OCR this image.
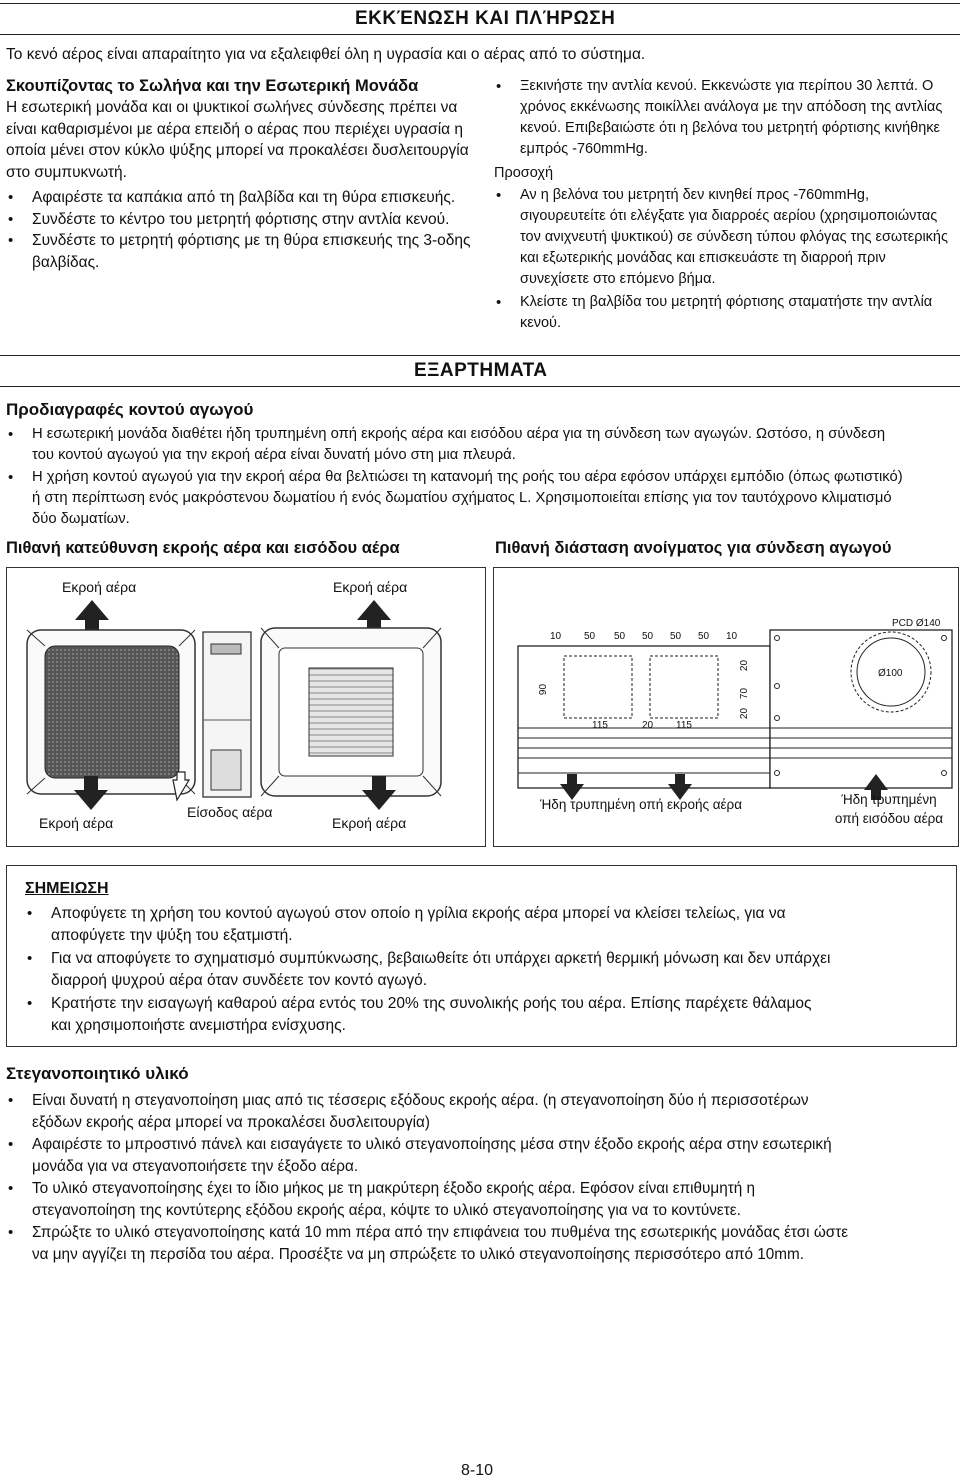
ΕΚΚΈΝΩΣΗ ΚΑΙ ΠΛΉΡΩΣΗ

Το κενό αέρος είναι απαραίτητο για να εξαλειφθεί όλη η υγρασία και ο αέρας από το σύστημα.

Σκουπίζοντας το Σωλήνα και την Εσωτερική Μονάδα

Η εσωτερική μονάδα και οι ψυκτικοί σωλήνες σύνδεσης πρέπει να

είναι καθαρισμένοι με αέρα επειδή ο αέρας που περιέχει υγρασία η

οποία μένει στον κύκλο ψύξης μπορεί να προκαλέσει δυσλειτουργία

στο συμπυκνωτή.

• Αφαιρέστε τα καπάκια από τη βαλβίδα και τη θύρα επισκευής.
• Συνδέστε το κέντρο του μετρητή φόρτισης στην αντλία κενού.
• Συνδέστε το μετρητή φόρτισης με τη θύρα επισκευής της 3-οδης
βαλβίδας.
• Ξεκινήστε την αντλία κενού. Εκκενώστε για περίπου 30 λεπτά. Ο
χρόνος εκκένωσης ποικίλλει ανάλογα με την απόδοση της αντλίας
κενού. Επιβεβαιώστε ότι η βελόνα του μετρητή φόρτισης κινήθηκε
εμπρός -760mmHg.

Προσοχή

• Αν η βελόνα του μετρητή δεν κινηθεί προς -760mmHg,
σιγουρευτείτε ότι ελέγξατε για διαρροές αερίου (χρησιμοποιώντας
τον ανιχνευτή ψυκτικού) σε σύνδεση τύπου φλόγας της εσωτερικής
και εξωτερικής μονάδας και επισκευάστε τη διαρροή πριν
συνεχίσετε στο επόμενο βήμα.
• Κλείστε τη βαλβίδα του μετρητή φόρτισης σταματήστε την αντλία
κενού.
ΕΞΑΡΤΗΜΑΤΑ

Προδιαγραφές κοντού αγωγού

• Η εσωτερική μονάδα διαθέτει ήδη τρυπημένη οπή εκροής αέρα και εισόδου αέρα για τη σύνδεση των αγωγών. Ωστόσο, η σύνδεση
του κοντού αγωγού για την εκροή αέρα είναι δυνατή μόνο στη μια πλευρά.
• Η χρήση κοντού αγωγού για την εκροή αέρα θα βελτιώσει τη κατανομή της ροής του αέρα εφόσον υπάρχει εμπόδιο (όπως φωτιστικό)
ή στη περίπτωση ενός μακρόστενου δωματίου ή ενός δωματίου σχήματος L. Χρησιμοποιείται επίσης για τον ταυτόχρονο κλιματισμό
δύο δωματίων.

Πιθανή κατεύθυνση εκροής αέρα και εισόδου αέρα	Πιθανή διάσταση ανοίγματος για σύνδεση αγωγού

Εκροή αέρα	Εκροή αέρα
Εκροή αέρα
Είσοδος αέρα
Εκροή αέρα
10 50 50 50 50 50 10
115	20 115
90
20
70
20
PCD Ø140
Ø100
Ήδη τρυπημένη οπή εκροής αέρα	Ήδη τρυπημένη
οπή εισόδου αέρα

ΣΗΜΕΙΩΣΗ

• Αποφύγετε τη χρήση του κοντού αγωγού στον οποίο η γρίλια εκροής αέρα μπορεί να κλείσει τελείως, για να
αποφύγετε την ψύξη του εξατμιστή.
• Για να αποφύγετε το σχηματισμό συμπύκνωσης, βεβαιωθείτε ότι υπάρχει αρκετή θερμική μόνωση και δεν υπάρχει
διαρροή ψυχρού αέρα όταν συνδέετε τον κοντό αγωγό.
• Κρατήστε την εισαγωγή καθαρού αέρα εντός του 20% της συνολικής ροής του αέρα. Επίσης παρέχετε θάλαμος
και χρησιμοποιήστε ανεμιστήρα ενίσχυσης.

Στεγανοποιητικό υλικό

• Είναι δυνατή η στεγανοποίηση μιας από τις τέσσερις εξόδους εκροής αέρα. (η στεγανοποίηση δύο ή περισσοτέρων
εξόδων εκροής αέρα μπορεί να προκαλέσει δυσλειτουργία)
• Αφαιρέστε το μπροστινό πάνελ και εισαγάγετε το υλικό στεγανοποίησης μέσα στην έξοδο εκροής αέρα στην εσωτερική
μονάδα για να στεγανοποιήσετε την έξοδο αέρα.
• Το υλικό στεγανοποίησης έχει το ίδιο μήκος με τη μακρύτερη έξοδο εκροής αέρα. Εφόσον είναι επιθυμητή η
στεγανοποίηση της κοντύτερης εξόδου εκροής αέρα, κόψτε το υλικό στεγανοποίησης για να το κοντύνετε.
• Σπρώξτε το υλικό στεγανοποίησης κατά 10 mm πέρα από την επιφάνεια του πυθμένα της εσωτερικής μονάδας έτσι ώστε
να μην αγγίζει τη περσίδα του αέρα. Προσέξτε να μη σπρώξετε το υλικό στεγανοποίησης περισσότερο από 10mm.
8-10
